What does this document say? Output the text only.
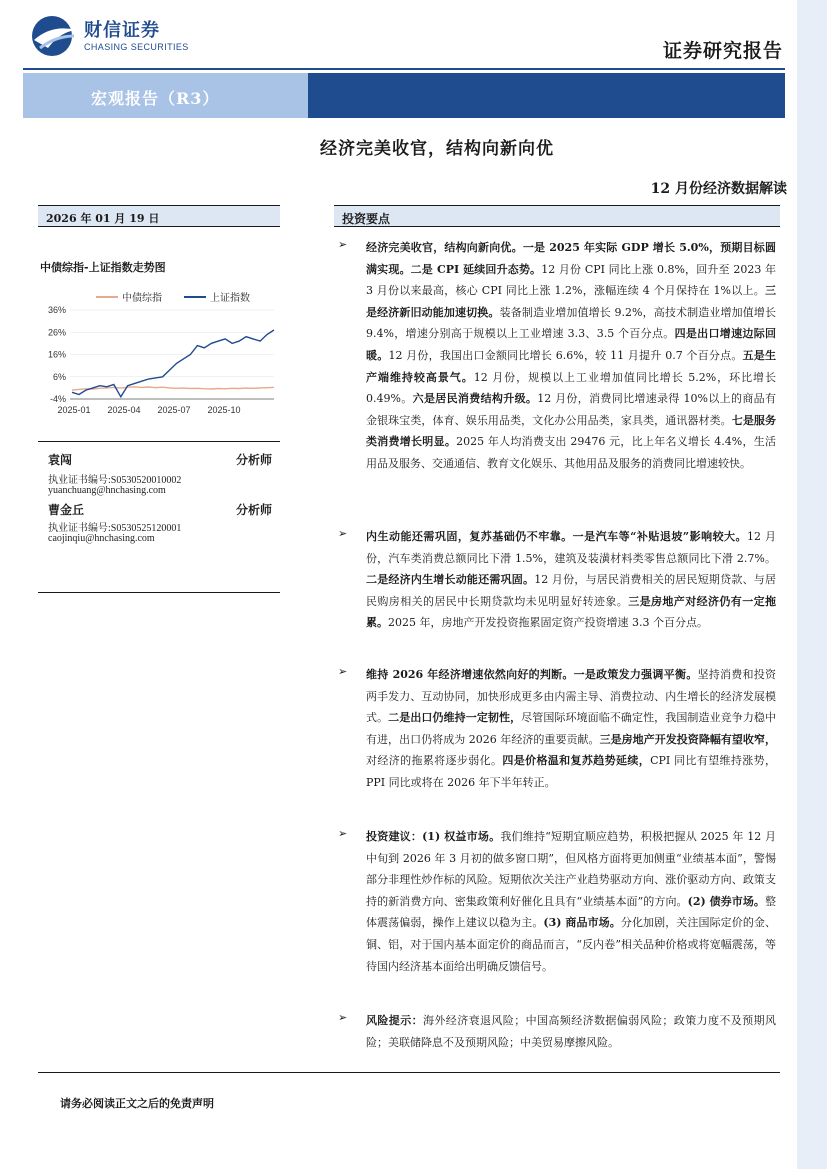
财信证券
CHASING SECURITIES	证券研究报告
宏观报告（R3）
经济完美收官，结构向新向优
12 月份经济数据解读
2026 年 01 月 19 日
中债综指-上证指数走势图
中债综指	上证指数
36%
26%
16%
6%
-4%
2025-01 2025-04 2025-07 2025-10
袁闯	分析师
执业证书编号:S0530520010002
yuanchuang@hnchasing.com
曹金丘	分析师
执业证书编号:S0530525120001
caojinqiu@hnchasing.com
投资要点
➢ 经济完美收官，结构向新向优。一是 2025 年实际 GDP 增长 5.0%，预期目标圆满实现。二是 CPI 延续回升态势。12 月份 CPI 同比上涨 0.8%，回升至 2023 年 3 月份以来最高，核心 CPI 同比上涨 1.2%，涨幅连续 4 个月保持在 1%以上。三是经济新旧动能加速切换。装备制造业增加值增长 9.2%，高技术制造业增加值增长 9.4%，增速分别高于规模以上工业增速 3.3、3.5 个百分点。四是出口增速边际回暖。12 月份，我国出口金额同比增长 6.6%，较 11 月提升 0.7 个百分点。五是生产端维持较高景气。12 月份，规模以上工业增加值同比增长 5.2%，环比增长 0.49%。六是居民消费结构升级。12 月份，消费同比增速录得 10%以上的商品有金银珠宝类，体育、娱乐用品类，文化办公用品类，家具类，通讯器材类。七是服务类消费增长明显。2025 年人均消费支出 29476 元，比上年名义增长 4.4%，生活用品及服务、交通通信、教育文化娱乐、其他用品及服务的消费同比增速较快。
➢ 内生动能还需巩固，复苏基础仍不牢靠。一是汽车等“补贴退坡”影响较大。12 月份，汽车类消费总额同比下滑 1.5%，建筑及装潢材料类零售总额同比下滑 2.7%。二是经济内生增长动能还需巩固。12 月份，与居民消费相关的居民短期贷款、与居民购房相关的居民中长期贷款均未见明显好转迹象。三是房地产对经济仍有一定拖累。2025 年，房地产开发投资拖累固定资产投资增速 3.3 个百分点。
➢ 维持 2026 年经济增速依然向好的判断。一是政策发力强调平衡。坚持消费和投资两手发力、互动协同，加快形成更多由内需主导、消费拉动、内生增长的经济发展模式。二是出口仍维持一定韧性，尽管国际环境面临不确定性，我国制造业竞争力稳中有进，出口仍将成为 2026 年经济的重要贡献。三是房地产开发投资降幅有望收窄，对经济的拖累将逐步弱化。四是价格温和复苏趋势延续，CPI 同比有望维持涨势，PPI 同比或将在 2026 年下半年转正。
➢ 投资建议：(1) 权益市场。我们维持“短期宜顺应趋势，积极把握从 2025 年 12 月中旬到 2026 年 3 月初的做多窗口期”，但风格方面将更加侧重“业绩基本面”，警惕部分非理性炒作标的风险。短期依次关注产业趋势驱动方向、涨价驱动方向、政策支持的新消费方向、密集政策利好催化且具有“业绩基本面”的方向。(2) 债券市场。整体震荡偏弱，操作上建议以稳为主。(3) 商品市场。分化加剧，关注国际定价的金、铜、铝，对于国内基本面定价的商品而言，“反内卷”相关品种价格或将宽幅震荡，等待国内经济基本面给出明确反馈信号。
➢ 风险提示：海外经济衰退风险；中国高频经济数据偏弱风险；政策力度不及预期风险；美联储降息不及预期风险；中美贸易摩擦风险。
请务必阅读正文之后的免责声明
